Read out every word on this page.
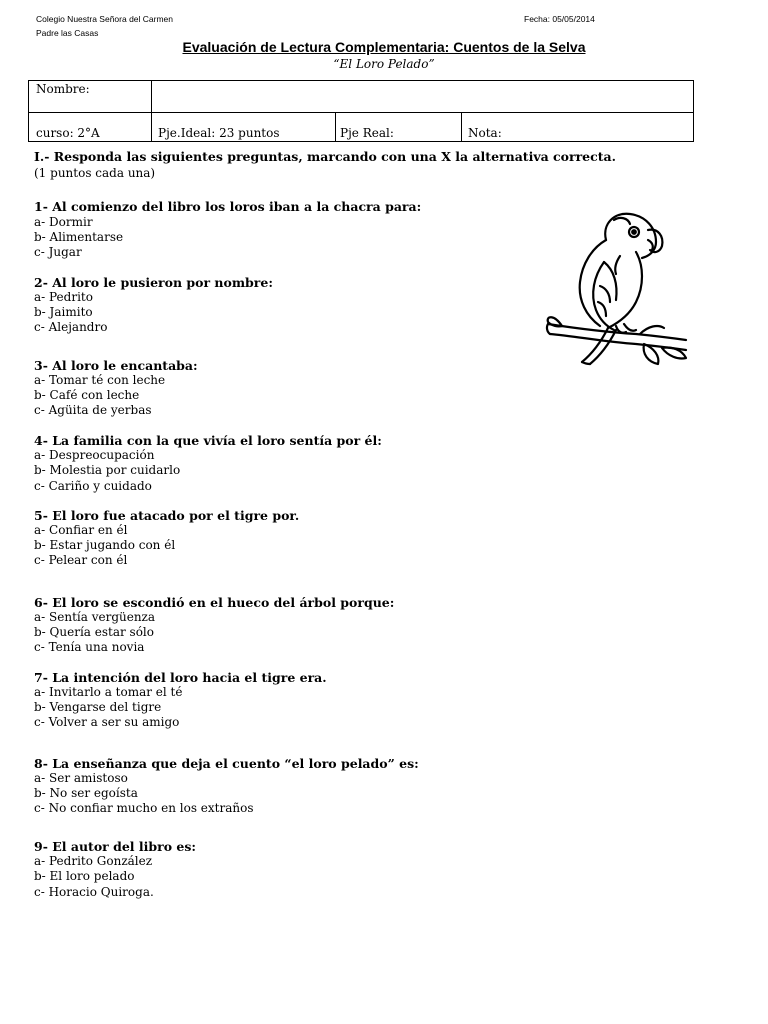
Colegio Nuestra Señora del Carmen
Padre las Casas
Fecha: 05/05/2014
Evaluación de Lectura Complementaria: Cuentos de la Selva
“El Loro Pelado”
Nombre:
curso: 2°A	Pje.Ideal: 23 puntos	Pje Real:	Nota:
I.- Responda las siguientes preguntas, marcando con una X la alternativa correcta.
(1 puntos cada una)
1- Al comienzo del libro los loros iban a la chacra para:
a- Dormir
b- Alimentarse
c- Jugar
2- Al loro le pusieron por nombre:
a- Pedrito
b- Jaimito
c- Alejandro
3- Al loro le encantaba:
a- Tomar té con leche
b- Café con leche
c- Agüita de yerbas
4- La familia con la que vivía el loro sentía por él:
a- Despreocupación
b- Molestia por cuidarlo
c- Cariño y cuidado
5- El loro fue atacado por el tigre por.
a- Confiar en él
b- Estar jugando con él
c- Pelear con él
6- El loro se escondió en el hueco del árbol porque:
a- Sentía vergüenza
b- Quería estar sólo
c- Tenía una novia
7- La intención del loro hacia el tigre era.
a- Invitarlo a tomar el té
b- Vengarse del tigre
c- Volver a ser su amigo
8- La enseñanza que deja el cuento “el loro pelado” es:
a- Ser amistoso
b- No ser egoísta
c- No confiar mucho en los extraños
9- El autor del libro es:
a- Pedrito González
b- El loro pelado
c- Horacio Quiroga.
